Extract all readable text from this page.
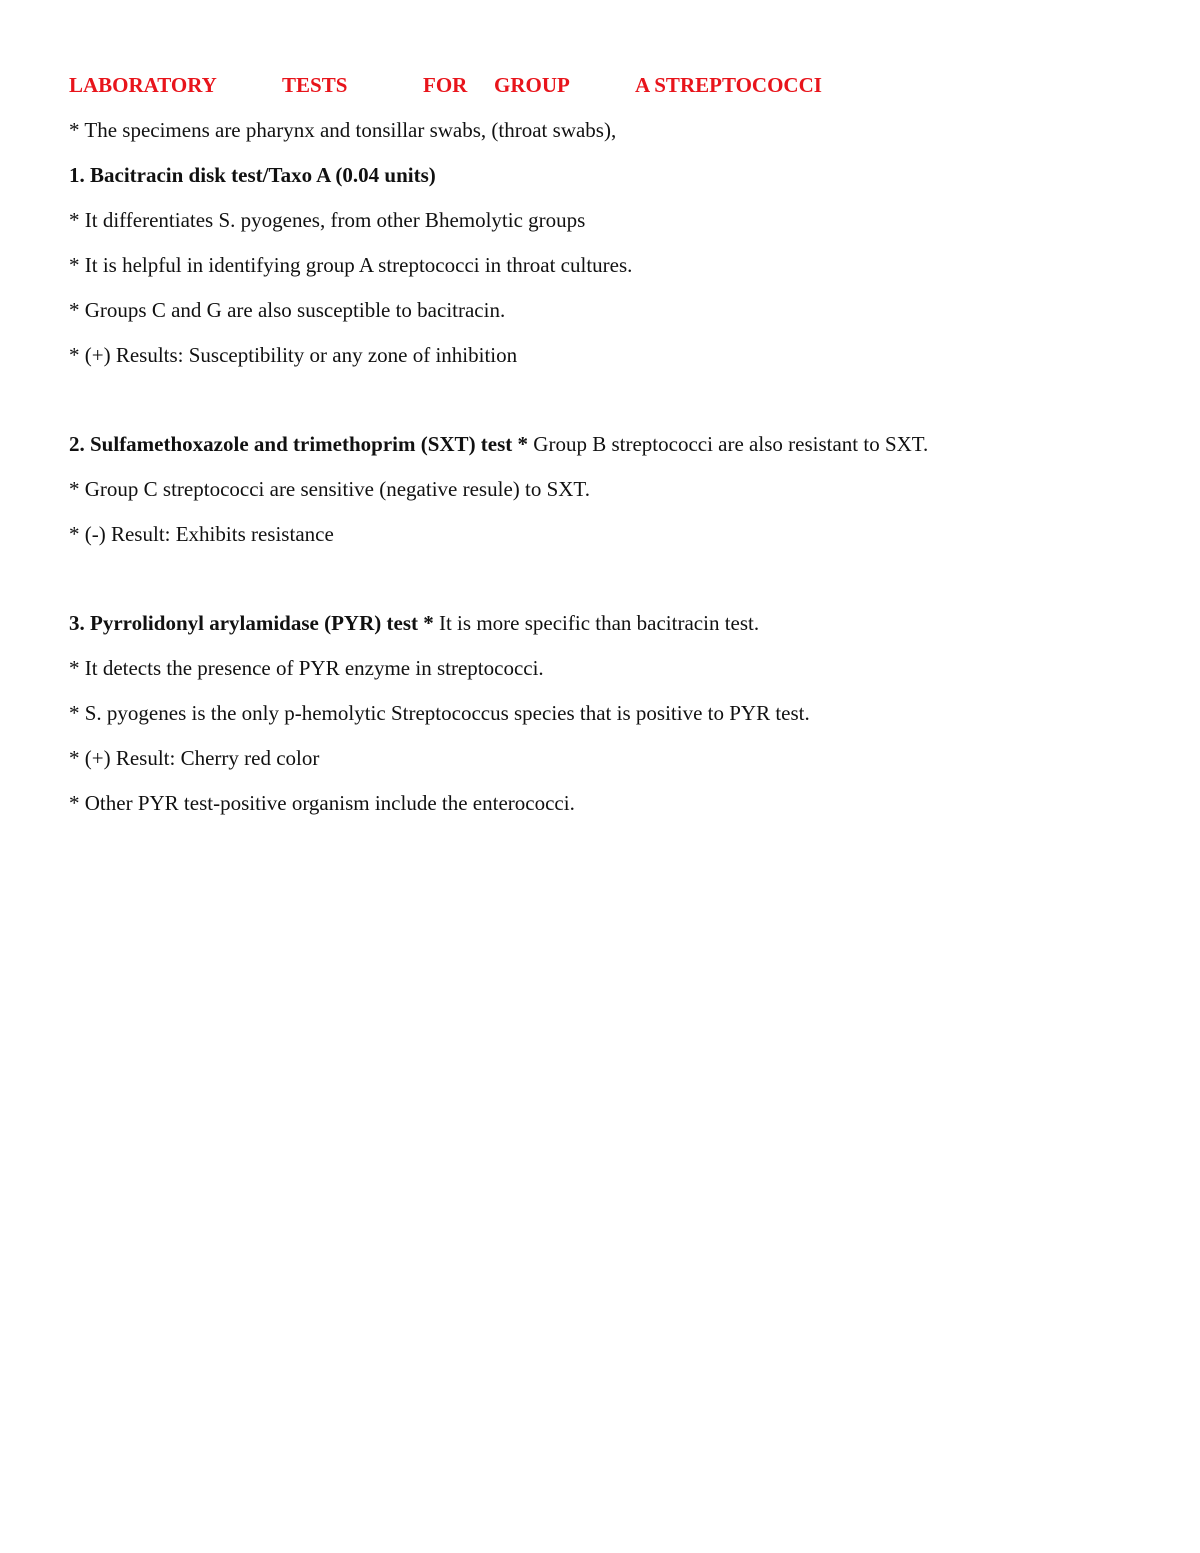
LABORATORY	TESTS	FOR GROUP	A STREPTOCOCCI

* The specimens are pharynx and tonsillar swabs, (throat swabs),

1. Bacitracin disk test/Taxo A (0.04 units)

* It differentiates S. pyogenes, from other Bhemolytic groups

* It is helpful in identifying group A streptococci in throat cultures.

* Groups C and G are also susceptible to bacitracin.

* (+) Results: Susceptibility or any zone of inhibition

2. Sulfamethoxazole and trimethoprim (SXT) test * Group B streptococci are also resistant to SXT.

* Group C streptococci are sensitive (negative resule) to SXT.

* (-) Result: Exhibits resistance

3. Pyrrolidonyl arylamidase (PYR) test * It is more specific than bacitracin test.

* It detects the presence of PYR enzyme in streptococci.

* S. pyogenes is the only p-hemolytic Streptococcus species that is positive to PYR test.

* (+) Result: Cherry red color

* Other PYR test-positive organism include the enterococci.
